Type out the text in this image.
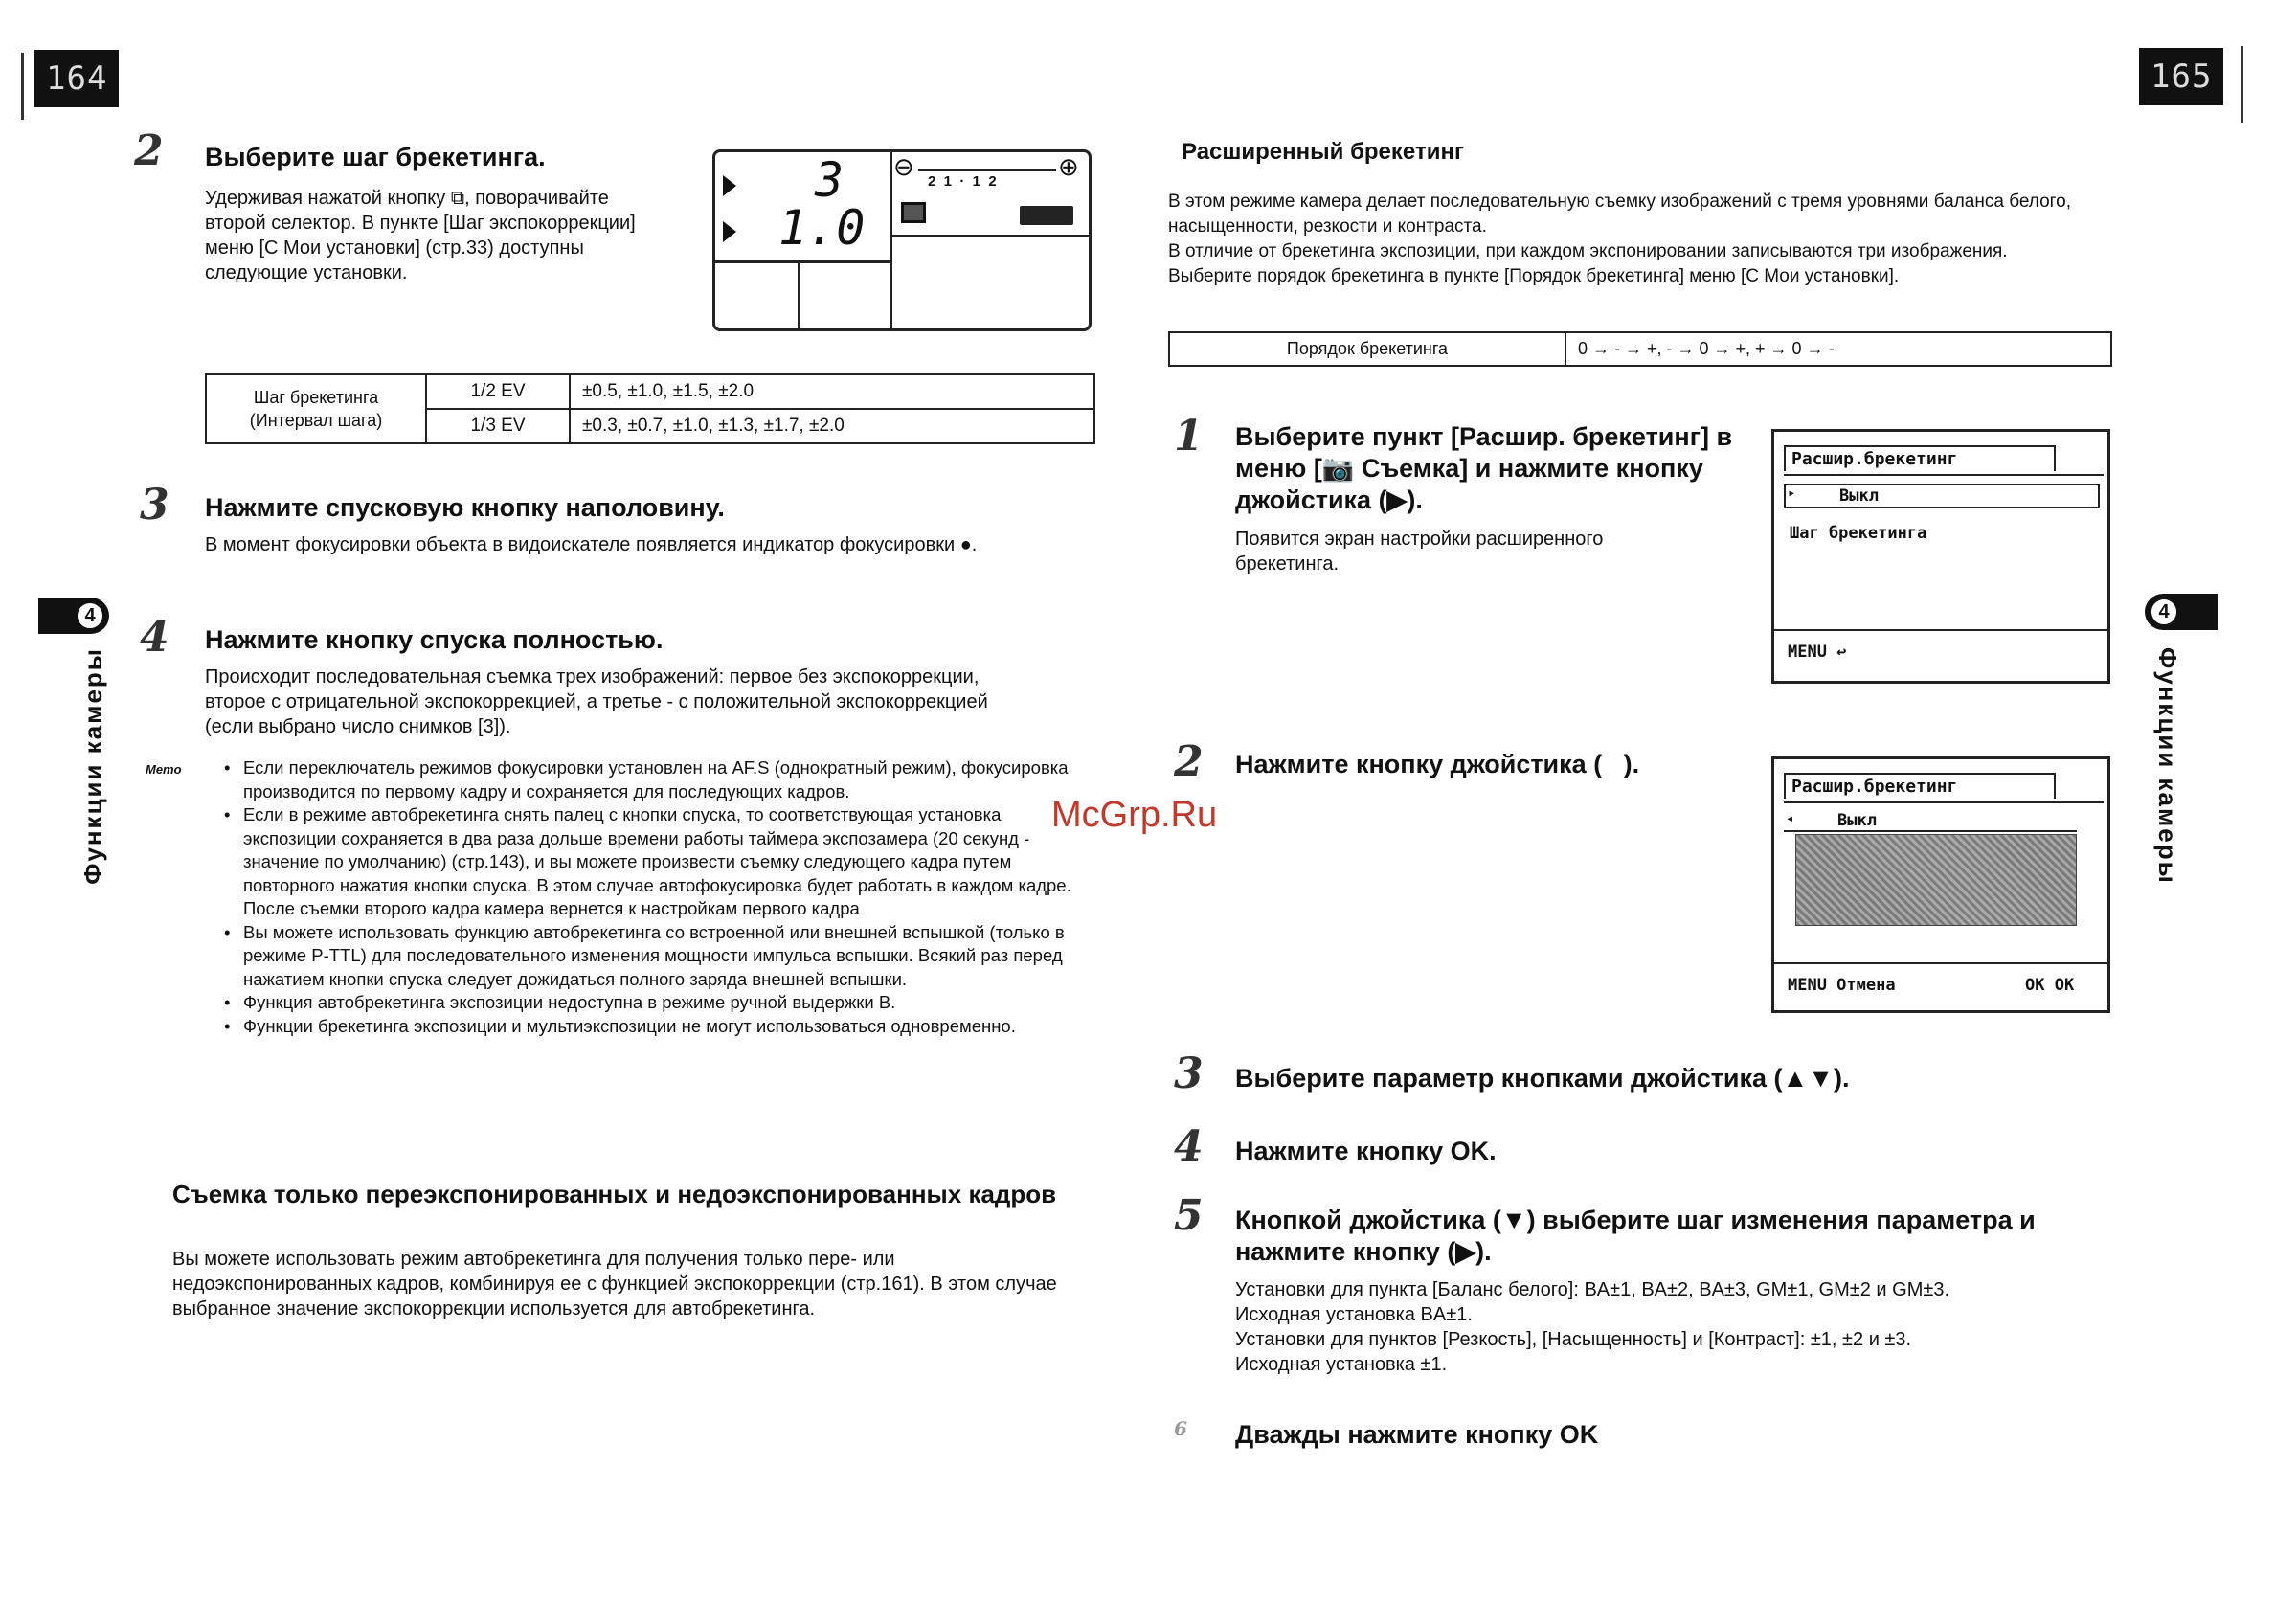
164
2 Выберите шаг брекетинга.
Удерживая нажатой кнопку ⧉, поворачивайте второй селектор. В пункте [Шаг экспокоррекции] меню [C Мои установки] (стр.33) доступны следующие установки.
3
1.0
⊖	⊕
2  1  ·  1  2
Шаг брекетинга (Интервал шага)	1/2 EV	±0.5, ±1.0, ±1.5, ±2.0
	1/3 EV	±0.3, ±0.7, ±1.0, ±1.3, ±1.7, ±2.0
3 Нажмите спусковую кнопку наполовину.
В момент фокусировки объекта в видоискателе появляется индикатор фокусировки ●.
4 Нажмите кнопку спуска полностью.
Происходит последовательная съемка трех изображений: первое без экспокоррекции, второе с отрицательной экспокоррекцией, а третье - с положительной экспокоррекцией (если выбрано число снимков [3]).
Memo	• Если переключатель режимов фокусировки установлен на AF.S (однократный режим), фокусировка производится по первому кадру и сохраняется для последующих кадров.
• Если в режиме автобрекетинга снять палец с кнопки спуска, то соответствующая установка экспозиции сохраняется в два раза дольше времени работы таймера экспозамера (20 секунд - значение по умолчанию) (стр.143), и вы можете произвести съемку следующего кадра путем повторного нажатия кнопки спуска. В этом случае автофокусировка будет работать в каждом кадре. После съемки второго кадра камера вернется к настройкам первого кадра
• Вы можете использовать функцию автобрекетинга со встроенной или внешней вспышкой (только в режиме P-TTL) для последовательного изменения мощности импульса вспышки. Всякий раз перед нажатием кнопки спуска следует дожидаться полного заряда внешней вспышки.
• Функция автобрекетинга экспозиции недоступна в режиме ручной выдержки B.
• Функции брекетинга экспозиции и мультиэкспозиции не могут использоваться одновременно.
Съемка только переэкспонированных и недоэкспонированных кадров
Вы можете использовать режим автобрекетинга для получения только пере- или недоэкспонированных кадров, комбинируя ее с функцией экспокоррекции (стр.161). В этом случае выбранное значение экспокоррекции используется для автобрекетинга.
4
Функции камеры	McGrp.Ru
165
Расширенный брекетинг
В этом режиме камера делает последовательную съемку изображений с тремя уровнями баланса белого, насыщенности, резкости и контраста.
В отличие от брекетинга экспозиции, при каждом экспонировании записываются три изображения.
Выберите порядок брекетинга в пункте [Порядок брекетинга] меню [C Мои установки].
Порядок брекетинга	0 → - → +, - → 0 → +, + → 0 → -
1 Выберите пункт [Расшир. брекетинг] в меню [📷 Съемка] и нажмите кнопку джойстика (▶).
Появится экран настройки расширенного брекетинга.
Расшир.брекетинг
▸	Выкл
Шаг брекетинга
MENU ↩
2 Нажмите кнопку джойстика (   ).
Расшир.брекетинг
◂	Выкл
MENU Отмена	OK OK
3 Выберите параметр кнопками джойстика (▲▼).
4 Нажмите кнопку OK.
5 Кнопкой джойстика (▼) выберите шаг изменения параметра и нажмите кнопку (▶).
Установки для пункта [Баланс белого]: BA±1, BA±2, BA±3, GM±1, GM±2 и GM±3.
Исходная установка BA±1.
Установки для пунктов [Резкость], [Насыщенность] и [Контраст]: ±1, ±2 и ±3.
Исходная установка ±1.
6 Дважды нажмите кнопку OK
4
Функции камеры
